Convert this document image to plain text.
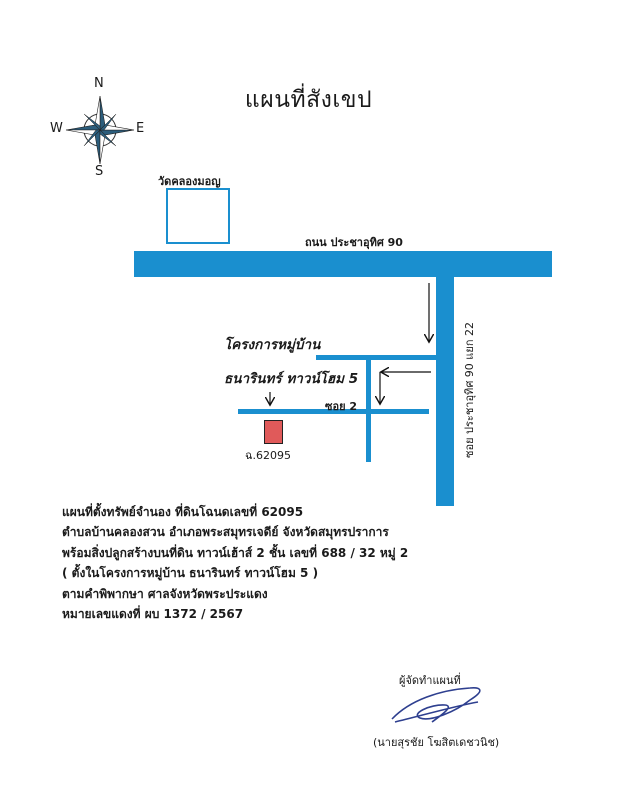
แผนที่สังเขป
N
S
E
W
วัดคลองมอญ
ถนน ประชาอุทิศ 90
ซอย ประชาอุทิศ 90 แยก 22
โครงการหมู่บ้าน
ธนารินทร์ ทาวน์โฮม 5
ซอย 2
ฉ.62095
แผนที่ตั้งทรัพย์จำนอง ที่ดินโฉนดเลขที่ 62095
ตำบลบ้านคลองสวน อำเภอพระสมุทรเจดีย์ จังหวัดสมุทรปราการ
พร้อมสิ่งปลูกสร้างบนที่ดิน ทาวน์เฮ้าส์ 2 ชั้น เลขที่ 688 / 32 หมู่ 2
( ตั้งในโครงการหมู่บ้าน ธนารินทร์ ทาวน์โฮม 5 )
ตามคำพิพากษา ศาลจังหวัดพระประแดง
หมายเลขแดงที่ ผบ 1372 / 2567
ผู้จัดทำแผนที่
(นายสุรชัย โฆสิตเดชวนิช)
